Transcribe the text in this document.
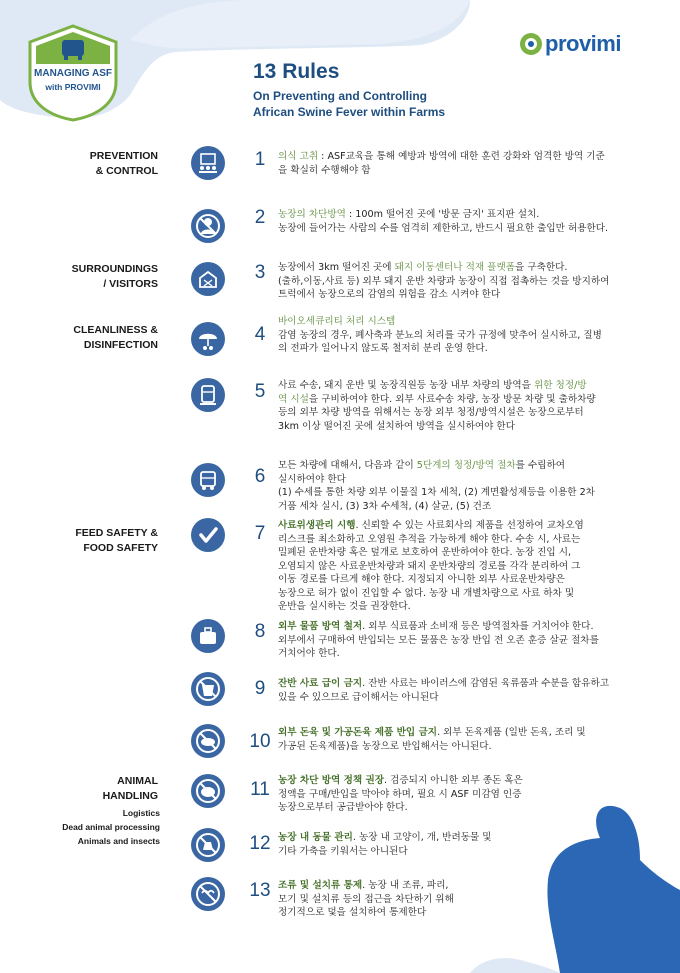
MANAGING ASF
with PROVIMI
provimi
13 Rules
On Preventing and Controlling
African Swine Fever within Farms
PREVENTION
& CONTROL
SURROUNDINGS
/ VISITORS
CLEANLINESS &
DISINFECTION
FEED SAFETY &
FOOD SAFETY
ANIMAL
HANDLING
Logistics
Dead animal processing
Animals and insects
1	의식 고취 : ASF교육을 통해 예방과 방역에 대한 훈련 강화와 엄격한 방역 기준
을 확실히 수행해야 함
2	농장의 차단방역 : 100m 떨어진 곳에 '방문 금지' 표지판 설치.
농장에 들어가는 사람의 수를 엄격히 제한하고, 반드시 필요한 출입만 허용한다.
3	농장에서 3km 떨어진 곳에 돼지 이동센터나 적재 플랫폼을 구축한다.
(출하,이동,사료 등) 외부 돼지 운반 차량과 농장이 직접 접촉하는 것을 방지하여
트럭에서 농장으로의 감염의 위험을 감소 시켜야 한다
4
바이오세큐리티 처리 시스템
감염 농장의 경우, 폐사축과 분뇨의 처리를 국가 규정에 맞추어 실시하고, 질병
의 전파가 일어나지 않도록 철저히 분리 운영 한다.
5	사료 수송, 돼지 운반 및 농장직원등 농장 내부 차량의 방역을 위한 청정/방
역 시설을 구비하여야 한다. 외부 사료수송 차량, 농장 방문 차량 및 출하차량
등의 외부 차량 방역을 위해서는 농장 외부 청정/방역시설은 농장으로부터
3km 이상 떨어진 곳에 설치하여 방역을 실시하여야 한다
6
모든 차량에 대해서, 다음과 같이 5단계의 청정/방역 절차를 수립하여
실시하여야 한다
(1) 수세를 통한 차량 외부 이물질 1차 세척, (2) 계면활성제등을 이용한 2차
거품 세차 실시, (3) 3차 수세척, (4) 살균, (5) 건조
7	사료위생관리 시행. 신뢰할 수 있는 사료회사의 제품을 선정하여 교차오염
리스크를 최소화하고 오염원 추적을 가능하게 해야 한다. 수송 시, 사료는
밀폐된 운반차량 혹은 덮개로 보호하여 운반하여야 한다. 농장 진입 시,
오염되지 않은 사료운반차량과 돼지 운반차량의 경로를 각각 분리하여 그
이동 경로를 다르게 해야 한다. 지정되지 아니한 외부 사료운반차량은
농장으로 허가 없이 진입할 수 없다. 농장 내 개별차량으로 사료 하차 및
운반을 실시하는 것을 권장한다.
8	외부 물품 방역 철저. 외부 식료품과 소비재 등은 방역절차를 거치어야 한다.
외부에서 구매하여 반입되는 모든 물품은 농장 반입 전 오존 훈증 살균 절차를
거치어야 한다.
9	잔반 사료 급이 금지. 잔반 사료는 바이러스에 감염된 육류품과 수분을 함유하고
있을 수 있으므로 급이해서는 아니된다
10 외부 돈육 및 가공돈육 제품 반입 금지. 외부 돈육제품 (일반 돈육, 조리 및
가공된 돈육제품)을 농장으로 반입해서는 아니된다.
11 농장 차단 방역 정책 권장. 검증되지 아니한 외부 종돈 혹은
정액을 구매/반입을 막아야 하며, 필요 시 ASF 미감염 인증
농장으로부터 공급받아야 한다.
12 농장 내 동물 관리. 농장 내 고양이, 개, 반려동물 및
기타 가축을 키워서는 아니된다
13 조류 및 설치류 통제. 농장 내 조류, 파리,
모기 및 설치류 등의 접근을 차단하기 위해
정기적으로 덫을 설치하여 통제한다
